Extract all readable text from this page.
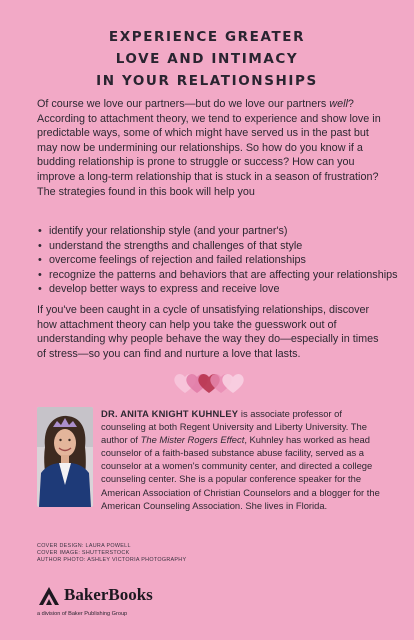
EXPERIENCE GREATER
LOVE AND INTIMACY
IN YOUR RELATIONSHIPS

Of course we love our partners—but do we love our partners well? According to attachment theory, we tend to experience and show love in predictable ways, some of which might have served us in the past but may now be undermining our relationships. So how do you know if a budding relationship is prone to struggle or success? How can you improve a long-term relationship that is stuck in a season of frustration? The strategies found in this book will help you

• identify your relationship style (and your partner's)
• understand the strengths and challenges of that style
• overcome feelings of rejection and failed relationships
• recognize the patterns and behaviors that are affecting your relationships
• develop better ways to express and receive love

If you've been caught in a cycle of unsatisfying relationships, discover how attachment theory can help you take the guesswork out of understanding why people behave the way they do—especially in times of stress—so you can find and nurture a love that lasts.

DR. ANITA KNIGHT KUHNLEY is associate professor of counseling at both Regent University and Liberty University. The author of The Mister Rogers Effect, Kuhnley has worked as head counselor of a faith-based substance abuse facility, served as a counselor at a women's community center, and directed a college counseling center. She is a popular conference speaker for the American Association of Christian Counselors and a blogger for the American Counseling Association. She lives in Florida.

COVER DESIGN: LAURA POWELL
COVER IMAGE: SHUTTERSTOCK
AUTHOR PHOTO: ASHLEY VICTORIA PHOTOGRAPHY
BakerBooks
a division of Baker Publishing Group
